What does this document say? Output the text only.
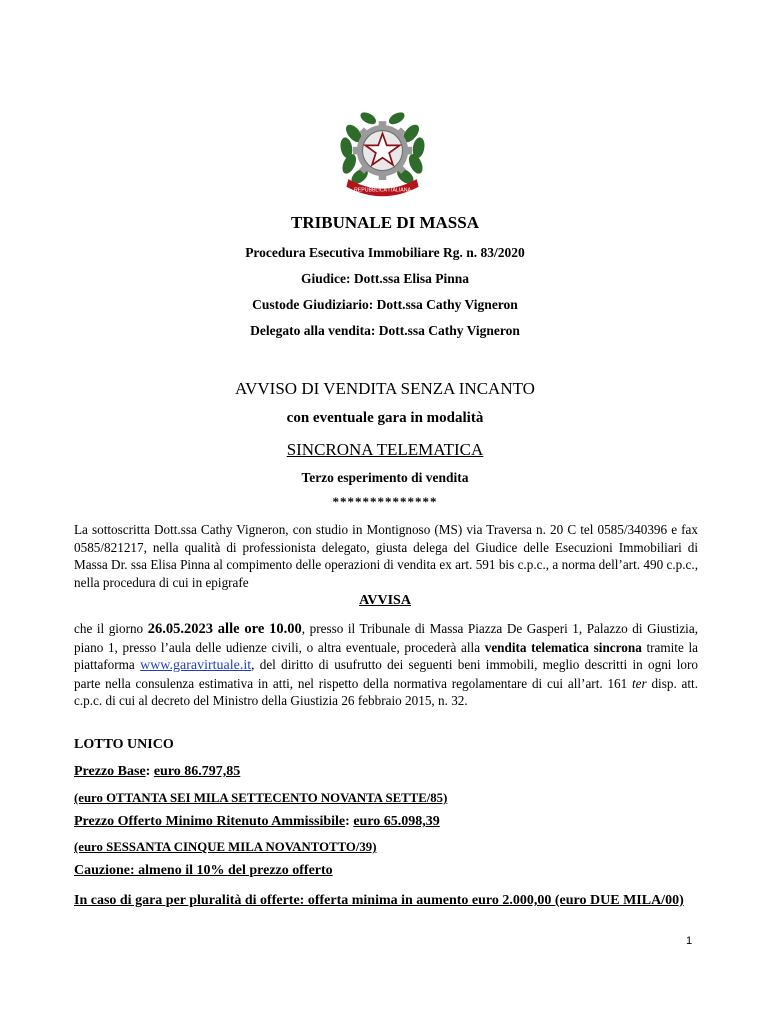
REPUBBLICA ITALIANA
TRIBUNALE DI MASSA
Procedura Esecutiva Immobiliare Rg. n. 83/2020
Giudice: Dott.ssa Elisa Pinna
Custode Giudiziario: Dott.ssa Cathy Vigneron
Delegato alla vendita: Dott.ssa Cathy Vigneron
AVVISO DI VENDITA SENZA INCANTO
con eventuale gara in modalità
SINCRONA TELEMATICA
Terzo esperimento di vendita
**************
La sottoscritta Dott.ssa Cathy Vigneron, con studio in Montignoso (MS) via Traversa n. 20 C tel 0585/340396 e fax 0585/821217, nella qualità di professionista delegato, giusta delega del Giudice delle Esecuzioni Immobiliari di Massa Dr. ssa Elisa Pinna al compimento delle operazioni di vendita ex art. 591 bis c.p.c., a norma dell’art. 490 c.p.c., nella procedura di cui in epigrafe
AVVISA
che il giorno 26.05.2023 alle ore 10.00, presso il Tribunale di Massa Piazza De Gasperi 1, Palazzo di Giustizia, piano 1, presso l’aula delle udienze civili, o altra eventuale, procederà alla vendita telematica sincrona tramite la piattaforma www.garavirtuale.it, del diritto di usufrutto dei seguenti beni immobili, meglio descritti in ogni loro parte nella consulenza estimativa in atti, nel rispetto della normativa regolamentare di cui all’art. 161 ter disp. att. c.p.c. di cui al decreto del Ministro della Giustizia 26 febbraio 2015, n. 32.
LOTTO UNICO
Prezzo Base: euro 86.797,85
(euro OTTANTA SEI MILA SETTECENTO NOVANTA SETTE/85)
Prezzo Offerto Minimo Ritenuto Ammissibile: euro 65.098,39
(euro SESSANTA CINQUE MILA NOVANTOTTO/39)
Cauzione: almeno il 10% del prezzo offerto
In caso di gara per pluralità di offerte: offerta minima in aumento euro 2.000,00 (euro DUE MILA/00)
1
